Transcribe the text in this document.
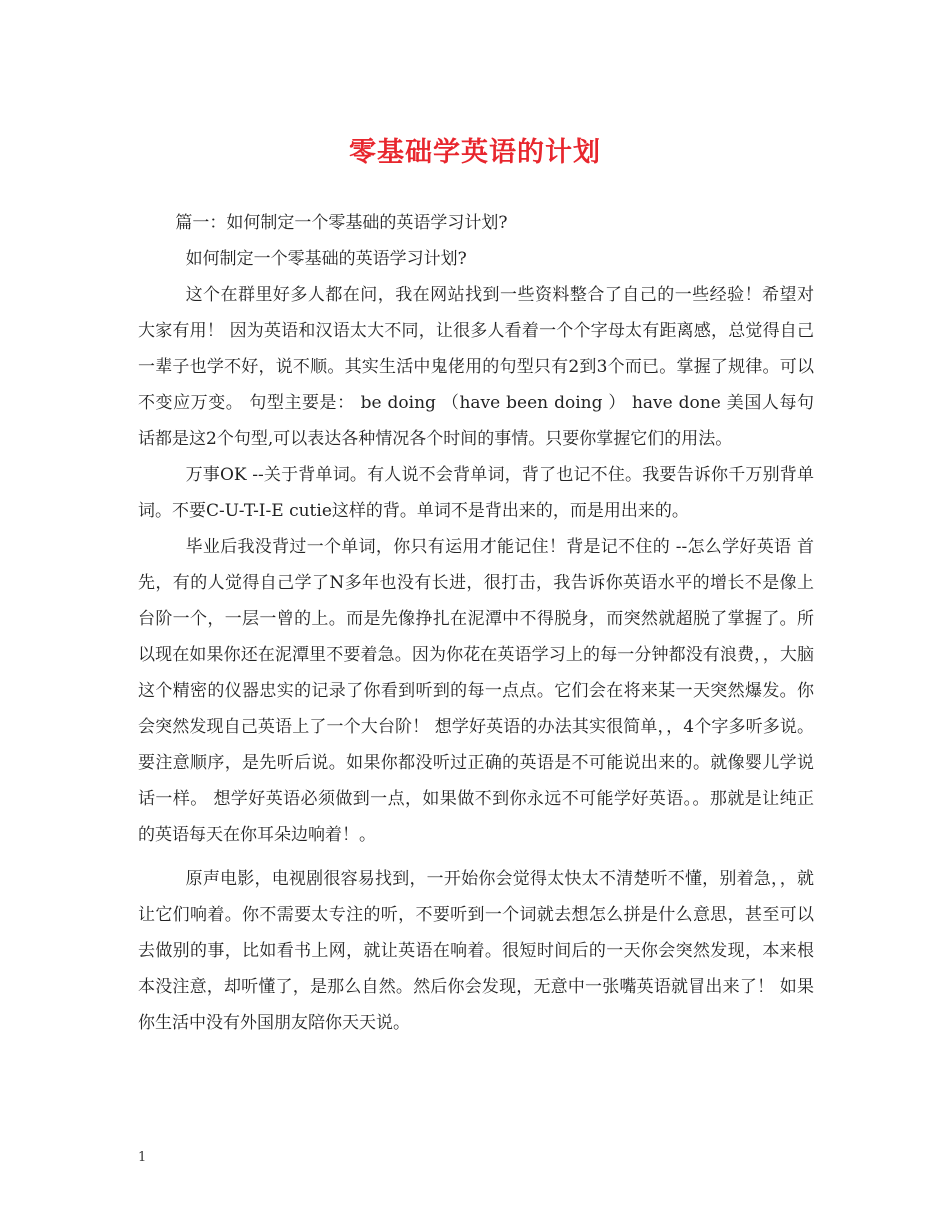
零基础学英语的计划

篇一：如何制定一个零基础的英语学习计划?

如何制定一个零基础的英语学习计划?

这个在群里好多人都在问，我在网站找到一些资料整合了自己的一些经验！希望对大家有用！ 因为英语和汉语太大不同，让很多人看着一个个字母太有距离感，总觉得自己一辈子也学不好，说不顺。其实生活中鬼佬用的句型只有2到3个而已。掌握了规律。可以不变应万变。 句型主要是： be doing （have been doing ） have done 美国人每句话都是这2个句型,可以表达各种情况各个时间的事情。只要你掌握它们的用法。

万事OK --关于背单词。有人说不会背单词，背了也记不住。我要告诉你千万别背单词。不要C-U-T-I-E cutie这样的背。单词不是背出来的，而是用出来的。

毕业后我没背过一个单词，你只有运用才能记住！背是记不住的 --怎么学好英语 首先，有的人觉得自己学了N多年也没有长进，很打击，我告诉你英语水平的增长不是像上台阶一个，一层一曾的上。而是先像挣扎在泥潭中不得脱身，而突然就超脱了掌握了。所以现在如果你还在泥潭里不要着急。因为你花在英语学习上的每一分钟都没有浪费，，大脑这个精密的仪器忠实的记录了你看到听到的每一点点。它们会在将来某一天突然爆发。你会突然发现自己英语上了一个大台阶！ 想学好英语的办法其实很简单，，4个字多听多说。要注意顺序，是先听后说。如果你都没听过正确的英语是不可能说出来的。就像婴儿学说话一样。 想学好英语必须做到一点，如果做不到你永远不可能学好英语。。那就是让纯正的英语每天在你耳朵边响着！。

原声电影，电视剧很容易找到，一开始你会觉得太快太不清楚听不懂，别着急，，就让它们响着。你不需要太专注的听，不要听到一个词就去想怎么拼是什么意思，甚至可以去做别的事，比如看书上网，就让英语在响着。很短时间后的一天你会突然发现，本来根本没注意，却听懂了，是那么自然。然后你会发现，无意中一张嘴英语就冒出来了！ 如果你生活中没有外国朋友陪你天天说。

1
